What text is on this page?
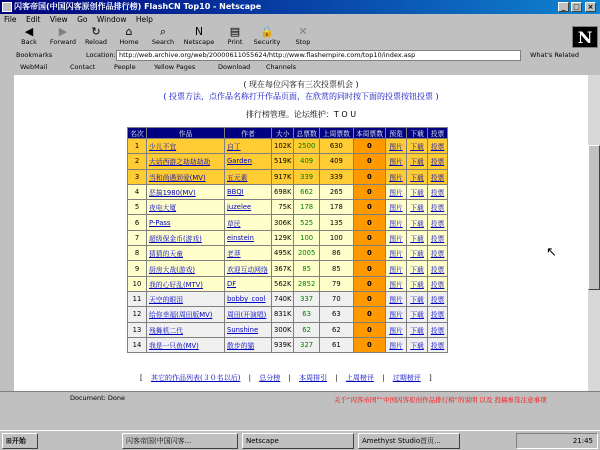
闪客帝国(中国闪客原创作品排行榜) FlashCN Top10 - Netscape	_	□	×
File Edit View Go Window Help
◀
Back
▶
Forward
↻
Reload
⌂
Home
⌕
Search
N
Netscape
▤
Print
🔒
Security
✕
Stop	N
Bookmarks	Location: http://web.archive.org/web/20000611055624/http://www.flashempire.com/top10/index.asp	What's Related
WebMail	Contact	People	Yellow Pages	Download Channels
( 现在每位闪客有三次投票机会 )
( 投票方法，点作品名称打开作品页面，在欣赏的同时按下面的投票按钮投票 )
排行榜管理。论坛维护：T O U
名次	作品	作者	大小	总票数	上周票数	本周票数	预览	下载	投票
1	少儿不宜	自丁	102K	2500	630	0	图片	下载	投票
2	大话西游之劫劫劫劫	Garden	519K	409	409	0	图片	下载	投票
3	当和尚遇到爱(MV)	五元素	917K	339	339	0	图片	下载	投票
4	恶搞1980(MV)	BBQI	698K	662	265	0	图片	下载	投票
5	夜电大厦	juzelee	75K	178	178	0	图片	下载	投票
6	P-Pass	草民	306K	525	135	0	图片	下载	投票
7	超级保金币(游戏)	einstein	129K	100	100	0	图片	下载	投票
8	猜猜的天童	老莽	495K	2005	86	0	图片	下载	投票
9	厨房大战(游戏)	欢迎互动网络	367K	85	85	0	图片	下载	投票
10	我的心好乱(MTV)	DF	562K	2852	79	0	图片	下载	投票
11	天空的眼泪	bobby_cool	740K	337	70	0	图片	下载	投票
12	给你幸福(周田版MV)	周田(开演唱)	831K	63	63	0	图片	下载	投票
13	残舞机二代	Sunshine	300K	62	62	0	图片	下载	投票
14	我是一只鱼(MV)	散步的猫	939K	327	61	0	图片	下载	投票
[ 其它的作品列表(３０名以后) | 总分榜 | 本周排引 | 上周榜评 | 过期榜评 ]
关于“闪客帝国”“中国闪客原创作品排行榜”的说明 以及 投稿参选注意事项
↖
Document: Done
⊞开始	闪客帝国(中国闪客...	Netscape	Amethyst Studio首页...	21:45
